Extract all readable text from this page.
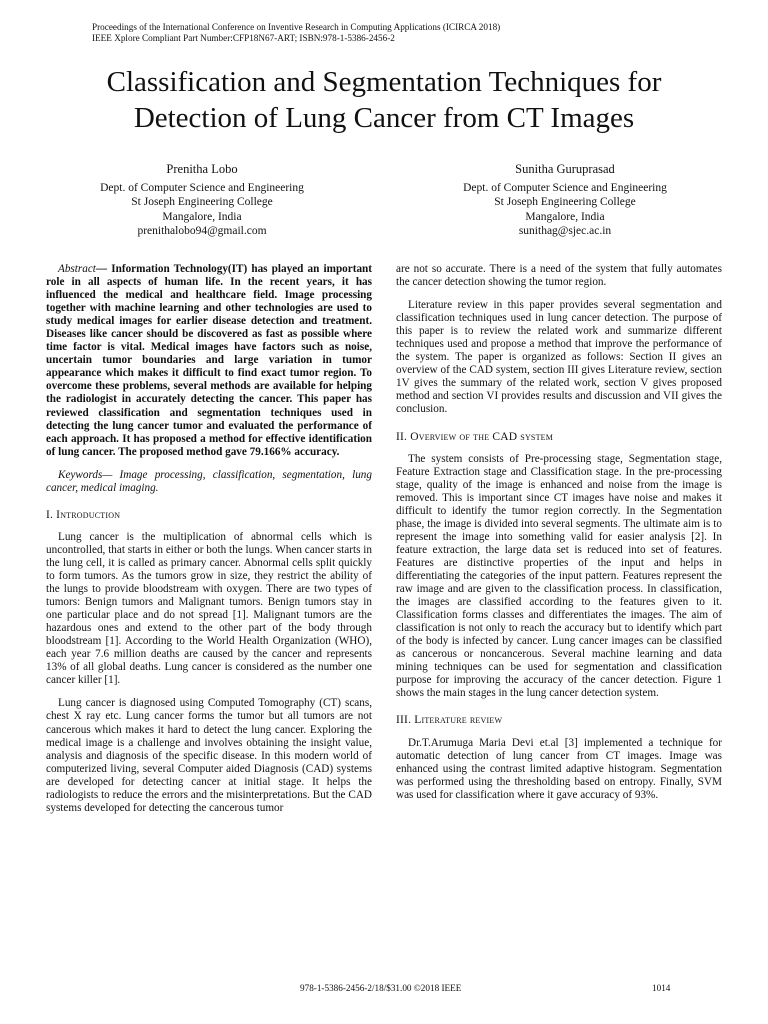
Proceedings of the International Conference on Inventive Research in Computing Applications (ICIRCA 2018)
IEEE Xplore Compliant Part Number:CFP18N67-ART; ISBN:978-1-5386-2456-2
Classification and Segmentation Techniques for
Detection of Lung Cancer from CT Images
Prenitha Lobo
Dept. of Computer Science and Engineering
St Joseph Engineering College
Mangalore, India
prenithalobo94@gmail.com
Sunitha Guruprasad
Dept. of Computer Science and Engineering
St Joseph Engineering College
Mangalore, India
sunithag@sjec.ac.in

Abstract— Information Technology(IT) has played an important role in all aspects of human life. In the recent years, it has influenced the medical and healthcare field. Image processing together with machine learning and other technologies are used to study medical images for earlier disease detection and treatment. Diseases like cancer should be discovered as fast as possible where time factor is vital. Medical images have factors such as noise, uncertain tumor boundaries and large variation in tumor appearance which makes it difficult to find exact tumor region. To overcome these problems, several methods are available for helping the radiologist in accurately detecting the cancer. This paper has reviewed classification and segmentation techniques used in detecting the lung cancer tumor and evaluated the performance of each approach. It has proposed a method for effective identification of lung cancer. The proposed method gave 79.166% accuracy.

Keywords— Image processing, classification, segmentation, lung cancer, medical imaging.

I. Introduction

Lung cancer is the multiplication of abnormal cells which is uncontrolled, that starts in either or both the lungs. When cancer starts in the lung cell, it is called as primary cancer. Abnormal cells split quickly to form tumors. As the tumors grow in size, they restrict the ability of the lungs to provide bloodstream with oxygen. There are two types of tumors: Benign tumors and Malignant tumors. Benign tumors stay in one particular place and do not spread [1]. Malignant tumors are the hazardous ones and extend to the other part of the body through bloodstream [1]. According to the World Health Organization (WHO), each year 7.6 million deaths are caused by the cancer and represents 13% of all global deaths. Lung cancer is considered as the number one cancer killer [1].

Lung cancer is diagnosed using Computed Tomography (CT) scans, chest X ray etc. Lung cancer forms the tumor but all tumors are not cancerous which makes it hard to detect the lung cancer. Exploring the medical image is a challenge and involves obtaining the insight value, analysis and diagnosis of the specific disease. In this modern world of computerized living, several Computer aided Diagnosis (CAD) systems are developed for detecting cancer at initial stage. It helps the radiologists to reduce the errors and the misinterpretations. But the CAD systems developed for detecting the cancerous tumor

are not so accurate. There is a need of the system that fully automates the cancer detection showing the tumor region.

Literature review in this paper provides several segmentation and classification techniques used in lung cancer detection. The purpose of this paper is to review the related work and summarize different techniques used and propose a method that improve the performance of the system. The paper is organized as follows: Section II gives an overview of the CAD system, section III gives Literature review, section 1V gives the summary of the related work, section V gives proposed method and section VI provides results and discussion and VII gives the conclusion.

II. Overview of the CAD system

The system consists of Pre-processing stage, Segmentation stage, Feature Extraction stage and Classification stage. In the pre-processing stage, quality of the image is enhanced and noise from the image is removed. This is important since CT images have noise and makes it difficult to identify the tumor region correctly. In the Segmentation phase, the image is divided into several segments. The ultimate aim is to represent the image into something valid for easier analysis [2]. In feature extraction, the large data set is reduced into set of features. Features are distinctive properties of the input and helps in differentiating the categories of the input pattern. Features represent the raw image and are given to the classification process. In classification, the images are classified according to the features given to it. Classification forms classes and differentiates the images. The aim of classification is not only to reach the accuracy but to identify which part of the body is infected by cancer. Lung cancer images can be classified as cancerous or noncancerous. Several machine learning and data mining techniques can be used for segmentation and classification purpose for improving the accuracy of the cancer detection. Figure 1 shows the main stages in the lung cancer detection system.

III. Literature review

Dr.T.Arumuga Maria Devi et.al [3] implemented a technique for automatic detection of lung cancer from CT images. Image was enhanced using the contrast limited adaptive histogram. Segmentation was performed using the thresholding based on entropy. Finally, SVM was used for classification where it gave accuracy of 93%.

978-1-5386-2456-2/18/$31.00 ©2018 IEEE	1014
